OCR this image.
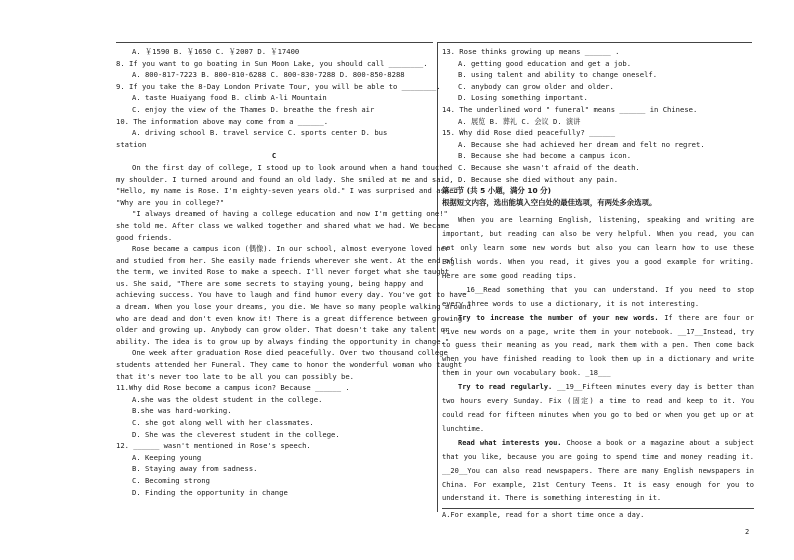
A. ￥1590 B. ￥1650 C. ￥2007 D. ￥17400
8. If you want to go boating in Sun Moon Lake, you should call ________.
A. 800-817-7223 B. 800-810-6288 C. 800-830-7288 D. 800-850-8288
9. If you take the 8-Day London Private Tour, you will be able to ________.
A. taste Huaiyang food B. climb A-li Mountain
C. enjoy the view of the Thames D. breathe the fresh air
10. The information above may come from a ______.
A. driving school B. travel service C. sports center D. bus
station
C
On the first day of college, I stood up to look around when a hand touched
my shoulder. I turned around and found an old lady. She smiled at me and said,
"Hello, my name is Rose. I'm eighty-seven years old." I was surprised and asked,
"Why are you in college?"
"I always dreamed of having a college education and now I'm getting one!"
she told me. After class we walked together and shared what we had. We became
good friends.
Rose became a campus icon (偶像). In our school, almost everyone loved her
and studied from her. She easily made friends wherever she went. At the end of
the term, we invited Rose to make a speech. I'll never forget what she taught
us. She said, "There are some secrets to staying young, being happy and
achieving success. You have to laugh and find humor every day. You've got to have
a dream. When you lose your dreams, you die. We have so many people walking around
who are dead and don't even know it! There is a great difference between growing
older and growing up. Anybody can grow older. That doesn't take any talent or
ability. The idea is to grow up by always finding the opportunity in change."
One week after graduation Rose died peacefully. Over two thousand college
students attended her Funeral. They came to honor the wonderful woman who taught
that it's never too late to be all you can possibly be.
11.Why did Rose become a campus icon? Because ______ .
A.she was the oldest student in the college.
B.she was hard-working.
C. she got along well with her classmates.
D. She was the cleverest student in the college.
12. ______ wasn't mentioned in Rose's speech.
A. Keeping young
B. Staying away from sadness.
C. Becoming strong
D. Finding the opportunity in change
13. Rose thinks growing up means ______ .
A. getting good education and get a job.
B. using talent and ability to change oneself.
C. anybody can grow older and older.
D. Losing something important.
14. The underlined word " funeral" means ______ in Chinese.
A. 展览 B. 葬礼 C. 会议 D. 演讲
15. Why did Rose died peacefully? ______
A. Because she had achieved her dream and felt no regret.
B. Because she had become a campus icon.
C. Because she wasn't afraid of the death.
D. Because she died without any pain.
第二节 (共 5 小题，满分 10 分)
根据短文内容，选出能填入空白处的最佳选项，有两处多余选项。

When you are learning English, listening, speaking and writing are important, but reading can also be very helpful. When you read, you can not only learn some new words but also you can learn how to use these English words. When you read, it gives you a good example for writing. Here are some good reading tips.

__16__Read something that you can understand. If you need to stop every three words to use a dictionary, it is not interesting.

Try to increase the number of your new words. If there are four or five new words on a page, write them in your notebook. __17__Instead, try to guess their meaning as you read, mark them with a pen. Then come back when you have finished reading to look them up in a dictionary and write them in your own vocabulary book. _18___

Try to read regularly. __19__Fifteen minutes every day is better than two hours every Sunday. Fix (固定) a time to read and keep to it. You could read for fifteen minutes when you go to bed or when you get up or at lunchtime.

Read what interests you. Choose a book or a magazine about a subject that you like, because you are going to spend time and money reading it. __20__You can also read newspapers. There are many English newspapers in China. For example, 21st Century Teens. It is easy enough for you to understand it. There is something interesting in it.

A.For example, read for a short time once a day.

2
